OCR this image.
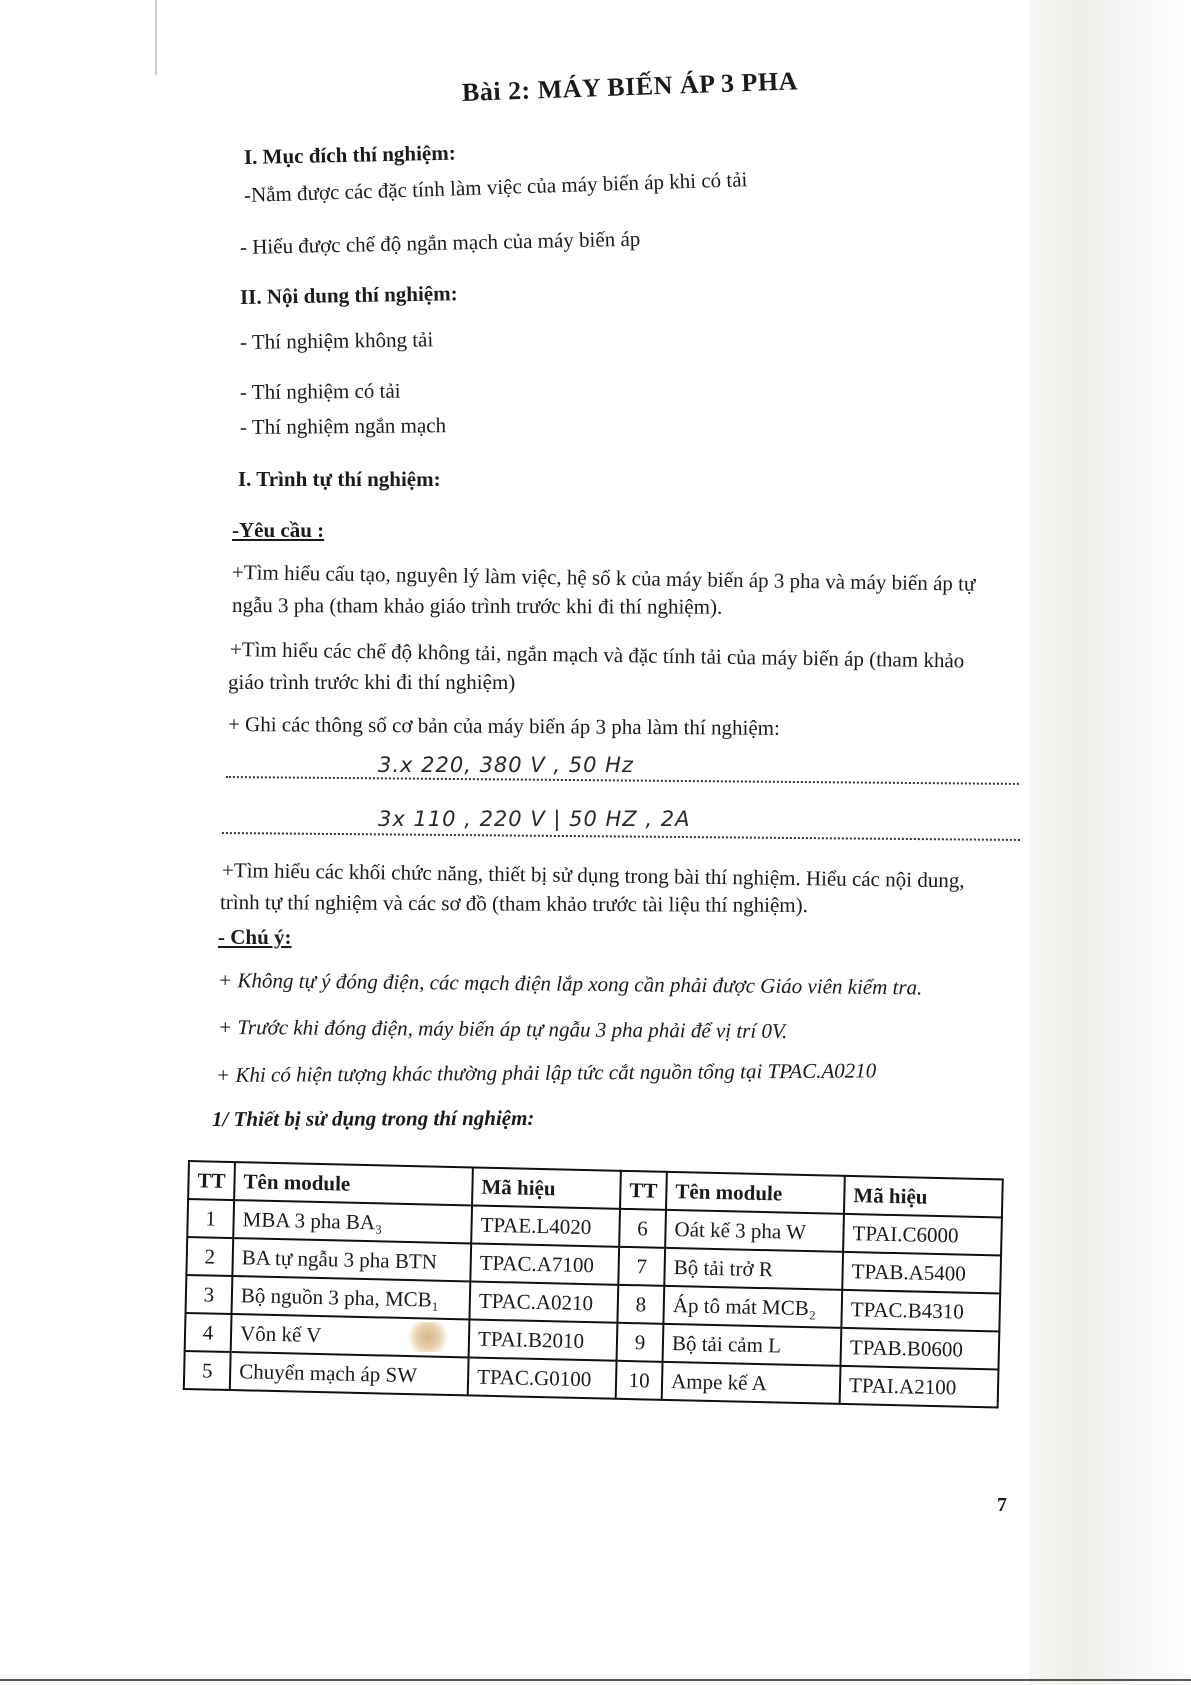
Bài 2: MÁY BIẾN ÁP 3 PHA
I. Mục đích thí nghiệm:
-Nắm được các đặc tính làm việc của máy biến áp khi có tải
- Hiểu được chế độ ngắn mạch của máy biến áp
II. Nội dung thí nghiệm:
- Thí nghiệm không tải
- Thí nghiệm có tải
- Thí nghiệm ngắn mạch
I. Trình tự thí nghiệm:
-Yêu cầu :
+Tìm hiểu cấu tạo, nguyên lý làm việc, hệ số k của máy biến áp 3 pha và máy biến áp tự
ngẫu 3 pha (tham khảo giáo trình trước khi đi thí nghiệm).
+Tìm hiểu các chế độ không tải, ngắn mạch và đặc tính tải của máy biến áp (tham khảo
giáo trình trước khi đi thí nghiệm)
+ Ghi các thông số cơ bản của máy biến áp 3 pha làm thí nghiệm:
3.x 220, 380 V , 50 Hz
3x 110 , 220 V | 50 HZ , 2A
+Tìm hiểu các khối chức năng, thiết bị sử dụng trong bài thí nghiệm. Hiểu các nội dung,
trình tự thí nghiệm và các sơ đồ (tham khảo trước tài liệu thí nghiệm).
- Chú ý:
+ Không tự ý đóng điện, các mạch điện lắp xong cần phải được Giáo viên kiểm tra.
+ Trước khi đóng điện, máy biến áp tự ngẫu 3 pha phải để vị trí 0V.
+ Khi có hiện tượng khác thường phải lập tức cắt nguồn tổng tại TPAC.A0210
1/ Thiết bị sử dụng trong thí nghiệm:
TT	Tên module	Mã hiệu	TT	Tên module	Mã hiệu
1	MBA 3 pha BA₃	TPAE.L4020	6	Oát kế 3 pha W	TPAI.C6000
2	BA tự ngẫu 3 pha BTN	TPAC.A7100	7	Bộ tải trở R	TPAB.A5400
3	Bộ nguồn 3 pha, MCB₁	TPAC.A0210	8	Áp tô mát MCB₂	TPAC.B4310
4	Vôn kế V	TPAI.B2010	9	Bộ tải cảm L	TPAB.B0600
5	Chuyển mạch áp SW	TPAC.G0100	10	Ampe kế A	TPAI.A2100
7
